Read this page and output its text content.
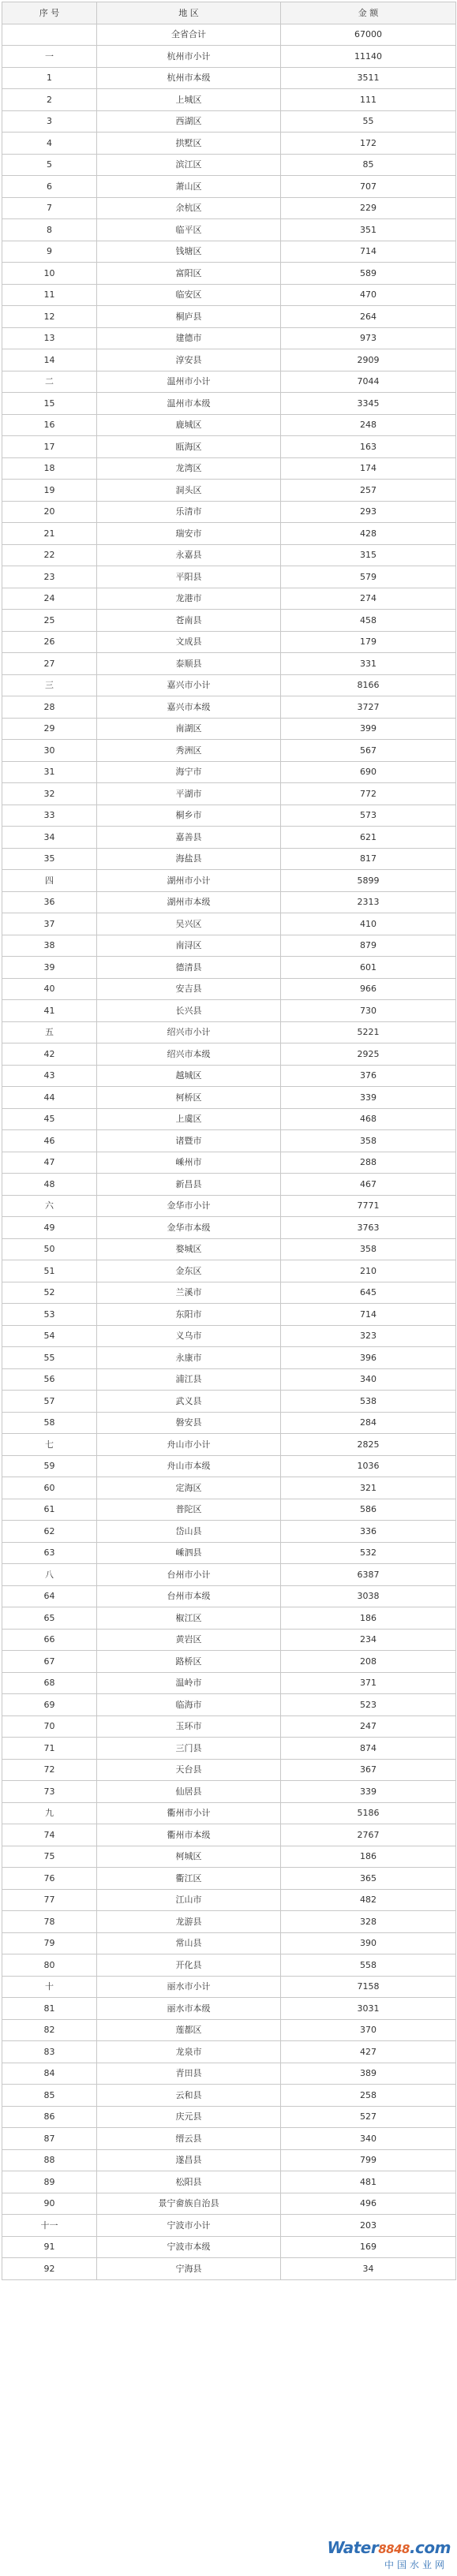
序 号	地 区	金 额
	全省合计	67000
一	杭州市小计	11140
1	杭州市本级	3511
2	上城区	111
3	西湖区	55
4	拱墅区	172
5	滨江区	85
6	萧山区	707
7	余杭区	229
8	临平区	351
9	钱塘区	714
10	富阳区	589
11	临安区	470
12	桐庐县	264
13	建德市	973
14	淳安县	2909
二	温州市小计	7044
15	温州市本级	3345
16	鹿城区	248
17	瓯海区	163
18	龙湾区	174
19	洞头区	257
20	乐清市	293
21	瑞安市	428
22	永嘉县	315
23	平阳县	579
24	龙港市	274
25	苍南县	458
26	文成县	179
27	泰顺县	331
三	嘉兴市小计	8166
28	嘉兴市本级	3727
29	南湖区	399
30	秀洲区	567
31	海宁市	690
32	平湖市	772
33	桐乡市	573
34	嘉善县	621
35	海盐县	817
四	湖州市小计	5899
36	湖州市本级	2313
37	吴兴区	410
38	南浔区	879
39	德清县	601
40	安吉县	966
41	长兴县	730
五	绍兴市小计	5221
42	绍兴市本级	2925
43	越城区	376
44	柯桥区	339
45	上虞区	468
46	诸暨市	358
47	嵊州市	288
48	新昌县	467
六	金华市小计	7771
49	金华市本级	3763
50	婺城区	358
51	金东区	210
52	兰溪市	645
53	东阳市	714
54	义乌市	323
55	永康市	396
56	浦江县	340
57	武义县	538
58	磐安县	284
七	舟山市小计	2825
59	舟山市本级	1036
60	定海区	321
61	普陀区	586
62	岱山县	336
63	嵊泗县	532
八	台州市小计	6387
64	台州市本级	3038
65	椒江区	186
66	黄岩区	234
67	路桥区	208
68	温岭市	371
69	临海市	523
70	玉环市	247
71	三门县	874
72	天台县	367
73	仙居县	339
九	衢州市小计	5186
74	衢州市本级	2767
75	柯城区	186
76	衢江区	365
77	江山市	482
78	龙游县	328
79	常山县	390
80	开化县	558
十	丽水市小计	7158
81	丽水市本级	3031
82	莲都区	370
83	龙泉市	427
84	青田县	389
85	云和县	258
86	庆元县	527
87	缙云县	340
88	遂昌县	799
89	松阳县	481
90	景宁畲族自治县	496
十一	宁波市小计	203
91	宁波市本级	169
92	宁海县	34
Water8848.com
中国水业网
